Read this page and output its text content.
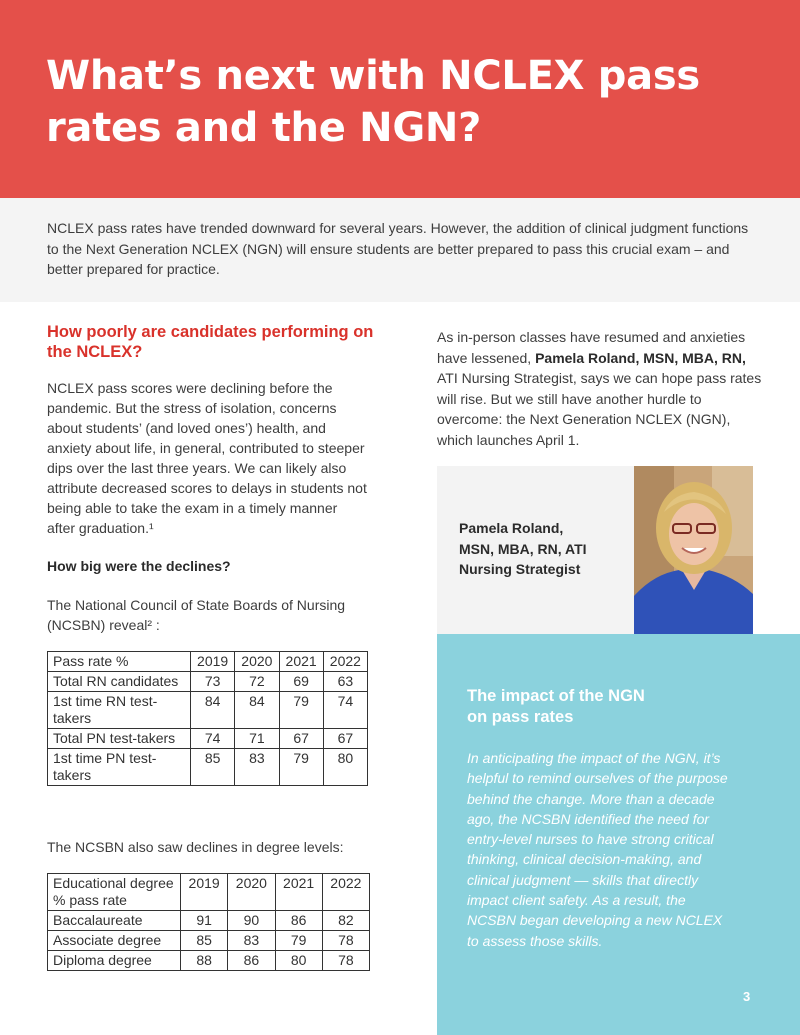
What’s next with NCLEX pass
rates and the NGN?

NCLEX pass rates have trended downward for several years. However, the addition of clinical judgment functions to the Next Generation NCLEX (NGN) will ensure students are better prepared to pass this crucial exam – and better prepared for practice.

How poorly are candidates performing on the NCLEX?

NCLEX pass scores were declining before the pandemic. But the stress of isolation, concerns about students’ (and loved ones’) health, and anxiety about life, in general, contributed to steeper dips over the last three years. We can likely also attribute decreased scores to delays in students not being able to take the exam in a timely manner after graduation.¹

How big were the declines?

The National Council of State Boards of Nursing (NCSBN) reveal² :

Pass rate %	2019	2020	2021	2022
Total RN candidates	73	72	69	63
1st time RN test-takers	84	84	79	74
Total PN test-takers	74	71	67	67
1st time PN test-takers	85	83	79	80

The NCSBN also saw declines in degree levels:

Educational degree % pass rate	2019	2020	2021	2022
Baccalaureate	91	90	86	82
Associate degree	85	83	79	78
Diploma degree	88	86	80	78

As in-person classes have resumed and anxieties have lessened, Pamela Roland, MSN, MBA, RN, ATI Nursing Strategist, says we can hope pass rates will rise. But we still have another hurdle to overcome: the Next Generation NCLEX (NGN), which launches April 1.

Pamela Roland,
MSN, MBA, RN, ATI
Nursing Strategist

The impact of the NGN
on pass rates

In anticipating the impact of the NGN, it’s helpful to remind ourselves of the purpose behind the change. More than a decade ago, the NCSBN identified the need for entry-level nurses to have strong critical thinking, clinical decision-making, and clinical judgment — skills that directly impact client safety. As a result, the NCSBN began developing a new NCLEX to assess those skills.

3
